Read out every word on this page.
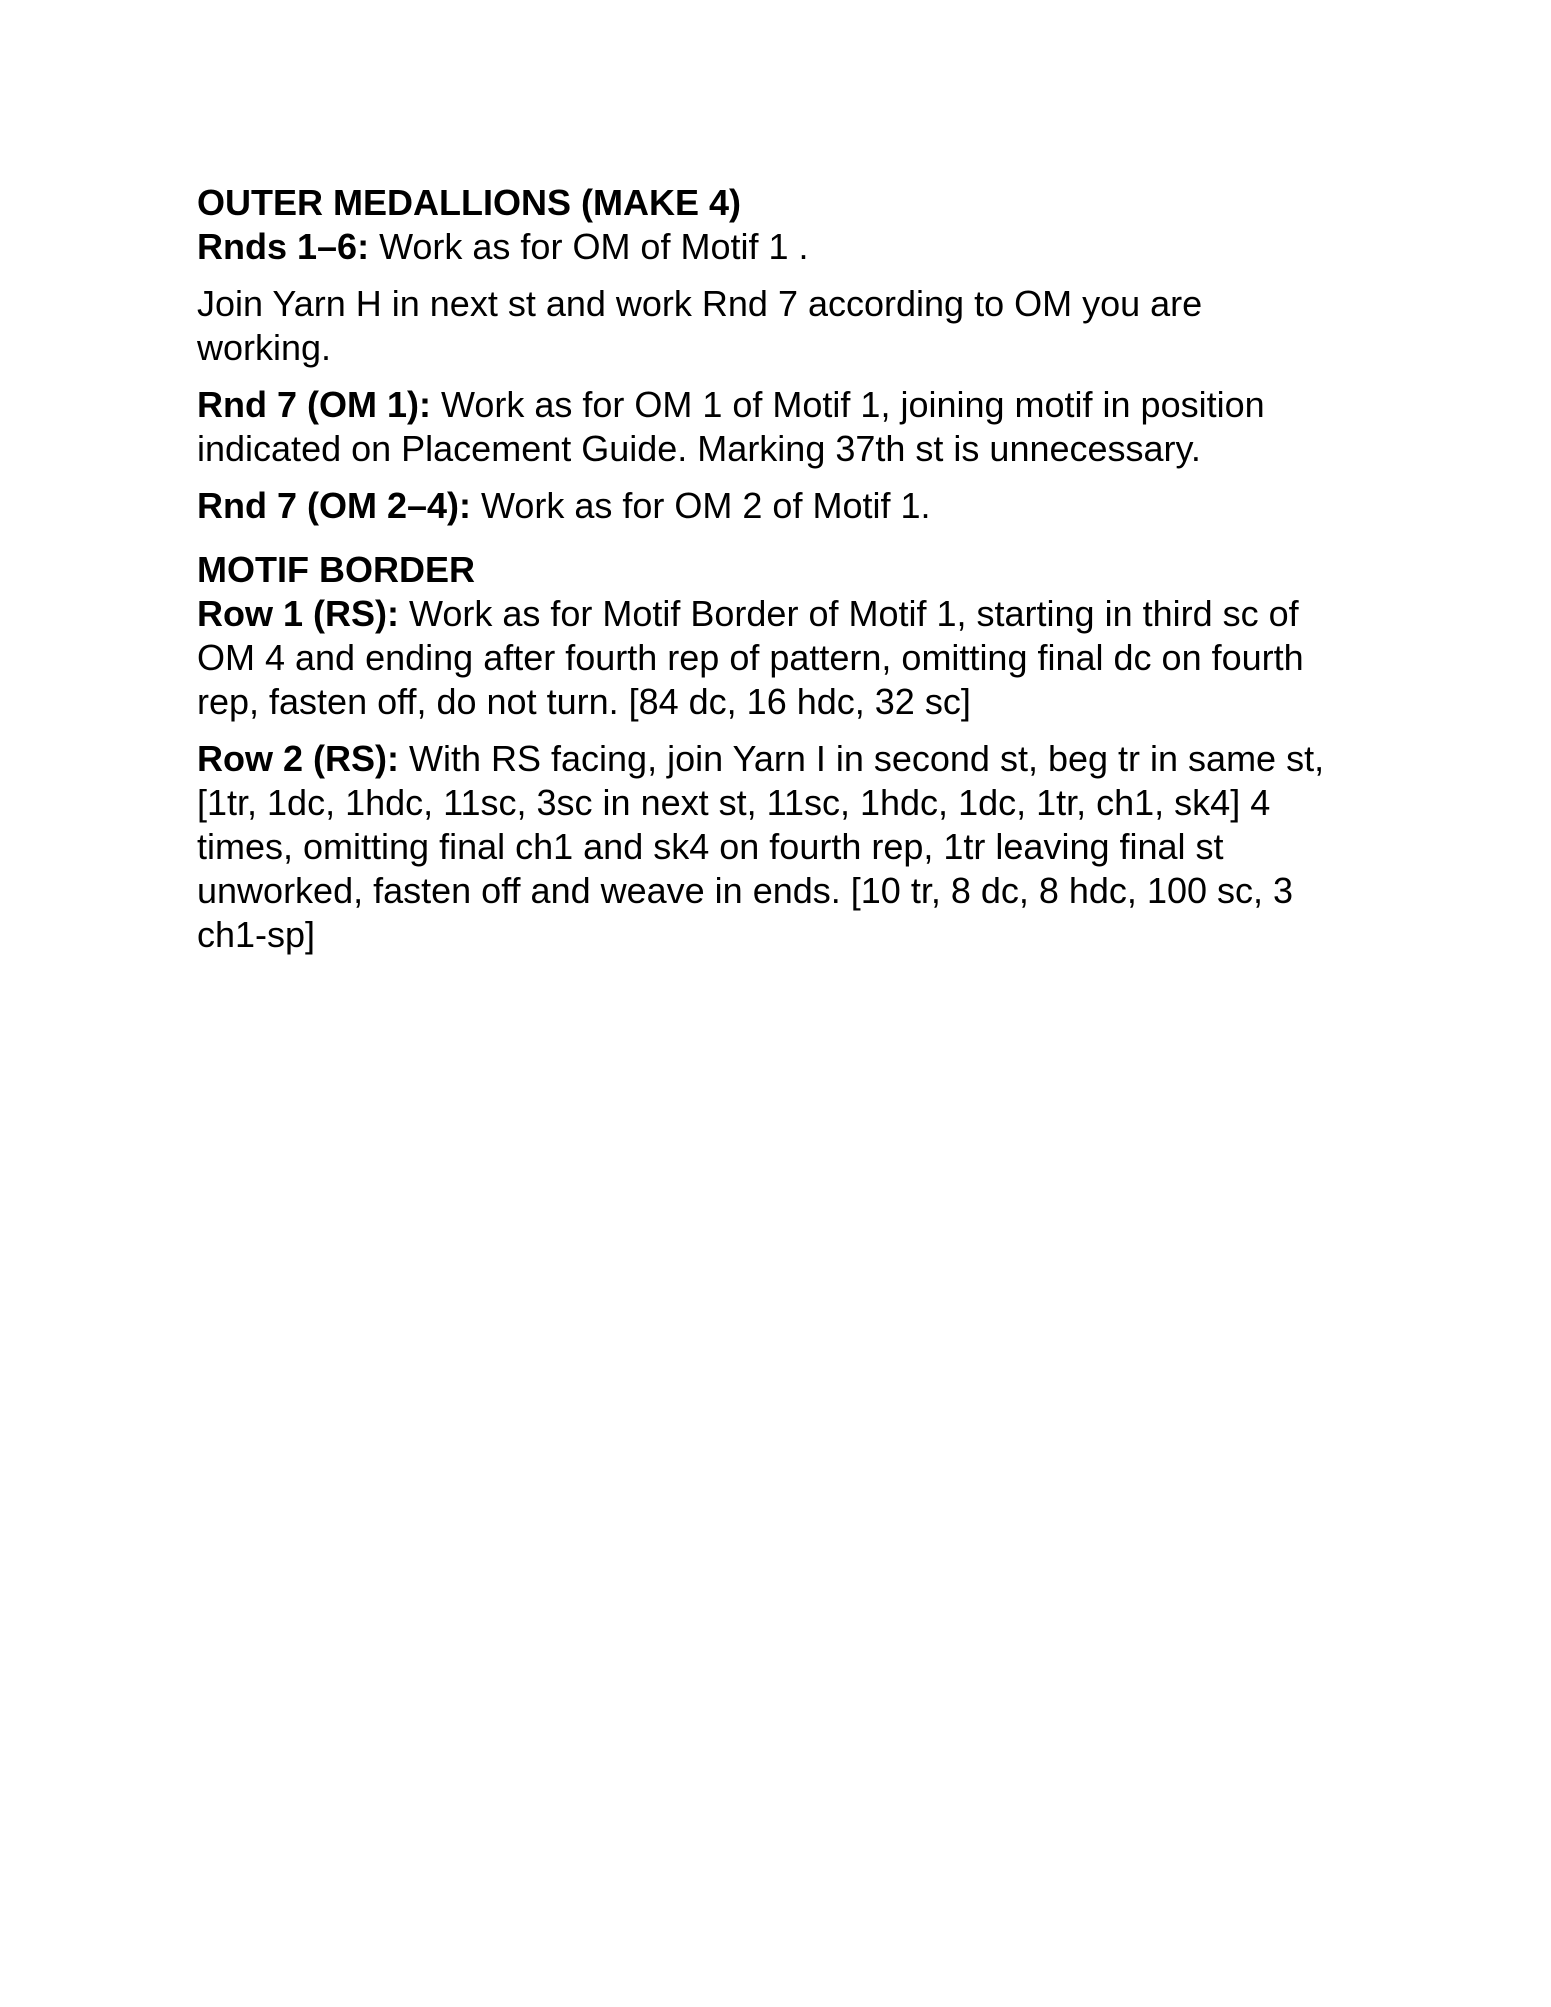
OUTER MEDALLIONS (MAKE 4)

Rnds 1–6: Work as for OM of Motif 1 .

Join Yarn H in next st and work Rnd 7 according to OM you are working.

Rnd 7 (OM 1): Work as for OM 1 of Motif 1, joining motif in position indicated on Placement Guide. Marking 37th st is unnecessary.

Rnd 7 (OM 2–4): Work as for OM 2 of Motif 1.

MOTIF BORDER

Row 1 (RS): Work as for Motif Border of Motif 1, starting in third sc of OM 4 and ending after fourth rep of pattern, omitting final dc on fourth rep, fasten off, do not turn. [84 dc, 16 hdc, 32 sc]

Row 2 (RS): With RS facing, join Yarn I in second st, beg tr in same st, [1tr, 1dc, 1hdc, 11sc, 3sc in next st, 11sc, 1hdc, 1dc, 1tr, ch1, sk4] 4 times, omitting final ch1 and sk4 on fourth rep, 1tr leaving final st unworked, fasten off and weave in ends. [10 tr, 8 dc, 8 hdc, 100 sc, 3 ch1-sp]
